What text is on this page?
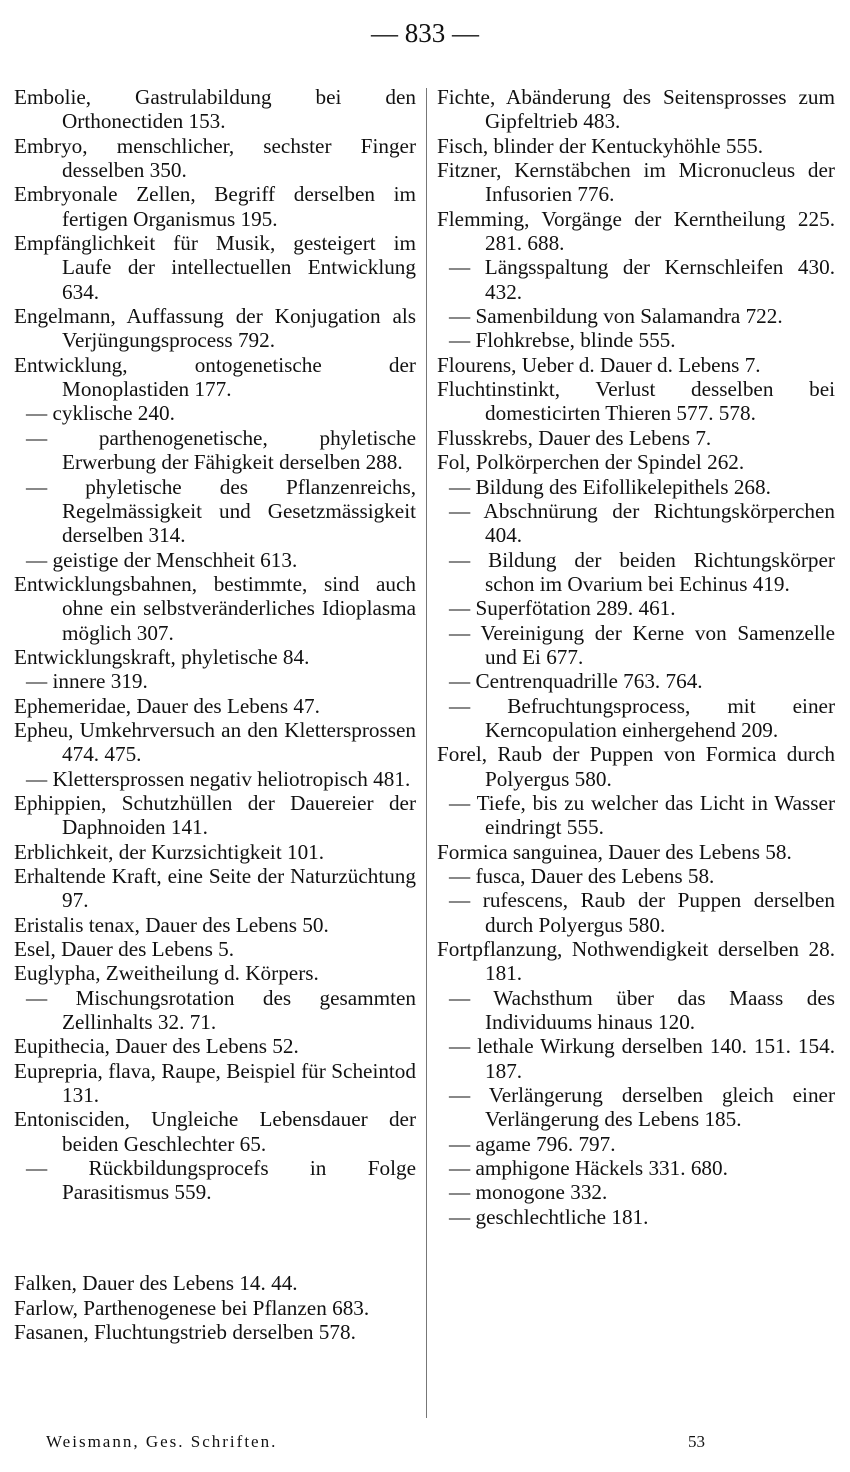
— 833 —

Embolie, Gastrulabildung bei den Orthonectiden 153.

Embryo, menschlicher, sechster Finger desselben 350.

Embryonale Zellen, Begriff derselben im fertigen Organismus 195.

Empfänglichkeit für Musik, gesteigert im Laufe der intellectuellen Entwicklung 634.

Engelmann, Auffassung der Konjugation als Verjüngungsprocess 792.

Entwicklung, ontogenetische der Monoplastiden 177.

— cyklische 240.

— parthenogenetische, phyletische Erwerbung der Fähigkeit derselben 288.

— phyletische des Pflanzenreichs, Regelmässigkeit und Gesetzmässigkeit derselben 314.

— geistige der Menschheit 613.

Entwicklungsbahnen, bestimmte, sind auch ohne ein selbstveränderliches Idioplasma möglich 307.

Entwicklungskraft, phyletische 84.

— innere 319.

Ephemeridae, Dauer des Lebens 47.

Epheu, Umkehrversuch an den Klettersprossen 474. 475.

— Klettersprossen negativ heliotropisch 481.

Ephippien, Schutzhüllen der Dauereier der Daphnoiden 141.

Erblichkeit, der Kurzsichtigkeit 101.

Erhaltende Kraft, eine Seite der Naturzüchtung 97.

Eristalis tenax, Dauer des Lebens 50.

Esel, Dauer des Lebens 5.

Euglypha, Zweitheilung d. Körpers.

— Mischungsrotation des gesammten Zellinhalts 32. 71.

Eupithecia, Dauer des Lebens 52.

Euprepria, flava, Raupe, Beispiel für Scheintod 131.

Entonisciden, Ungleiche Lebensdauer der beiden Geschlechter 65.

— Rückbildungsprocefs in Folge Parasitismus 559.

Falken, Dauer des Lebens 14. 44.

Farlow, Parthenogenese bei Pflanzen 683.

Fasanen, Fluchtungstrieb derselben 578.

Fichte, Abänderung des Seitensprosses zum Gipfeltrieb 483.

Fisch, blinder der Kentuckyhöhle 555.

Fitzner, Kernstäbchen im Micronucleus der Infusorien 776.

Flemming, Vorgänge der Kerntheilung 225. 281. 688.

— Längsspaltung der Kernschleifen 430. 432.

— Samenbildung von Salamandra 722.

— Flohkrebse, blinde 555.

Flourens, Ueber d. Dauer d. Lebens 7.

Fluchtinstinkt, Verlust desselben bei domesticirten Thieren 577. 578.

Flusskrebs, Dauer des Lebens 7.

Fol, Polkörperchen der Spindel 262.

— Bildung des Eifollikelepithels 268.

— Abschnürung der Richtungskörperchen 404.

— Bildung der beiden Richtungskörper schon im Ovarium bei Echinus 419.

— Superfötation 289. 461.

— Vereinigung der Kerne von Samenzelle und Ei 677.

— Centrenquadrille 763. 764.

— Befruchtungsprocess, mit einer Kerncopulation einhergehend 209.

Forel, Raub der Puppen von Formica durch Polyergus 580.

— Tiefe, bis zu welcher das Licht in Wasser eindringt 555.

Formica sanguinea, Dauer des Lebens 58.

— fusca, Dauer des Lebens 58.

— rufescens, Raub der Puppen derselben durch Polyergus 580.

Fortpflanzung, Nothwendigkeit derselben 28. 181.

— Wachsthum über das Maass des Individuums hinaus 120.

— lethale Wirkung derselben 140. 151. 154. 187.

— Verlängerung derselben gleich einer Verlängerung des Lebens 185.

— agame 796. 797.

— amphigone Häckels 331. 680.

— monogone 332.

— geschlechtliche 181.

Weismann, Ges. Schriften.	53
